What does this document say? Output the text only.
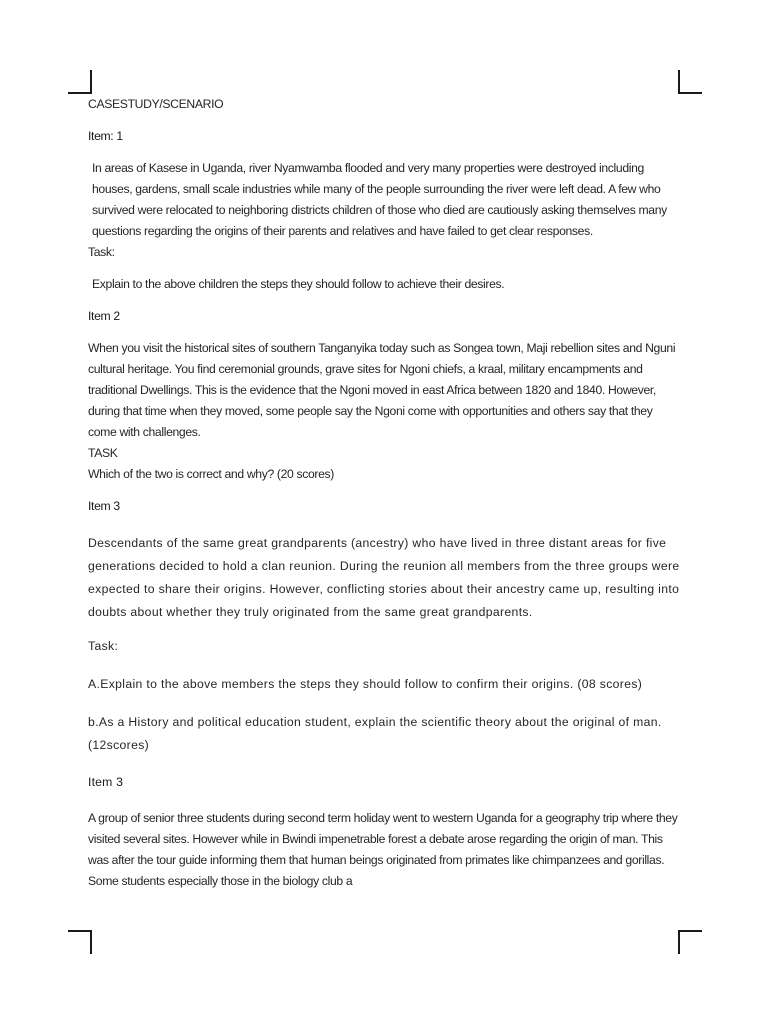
CASESTUDY/SCENARIO

Item: 1

In areas of Kasese in Uganda, river Nyamwamba flooded and very many properties were destroyed including houses, gardens, small scale industries while many of the people surrounding the river were left dead. A few who survived were relocated to neighboring districts children of those who died are cautiously asking themselves many questions regarding the origins of their parents and relatives and have failed to get clear responses.

Task:

Explain to the above children the steps they should follow to achieve their desires.

Item 2

When you visit the historical sites of southern Tanganyika today such as Songea town, Maji rebellion sites and Nguni cultural heritage. You find ceremonial grounds, grave sites for Ngoni chiefs, a kraal, military encampments and traditional Dwellings. This is the evidence that the Ngoni moved in east Africa between 1820 and 1840. However, during that time when they moved, some people say the Ngoni come with opportunities and others say that they come with challenges.

TASK

Which of the two is correct and why? (20 scores)

Item 3

Descendants of the same great grandparents (ancestry) who have lived in three distant areas for five generations decided to hold a clan reunion. During the reunion all members from the three groups were expected to share their origins. However, conflicting stories about their ancestry came up, resulting into doubts about whether they truly originated from the same great grandparents.

Task:

A.Explain to the above members the steps they should follow to confirm their origins. (08 scores)

b.As a History and political education student, explain the scientific theory about the original of man. (12scores)

Item 3

A group of senior three students during second term holiday went to western Uganda for a geography trip where they visited several sites. However while in Bwindi impenetrable forest a debate arose regarding the origin of man. This was after the tour guide informing them that human beings originated from primates like chimpanzees and gorillas. Some students especially those in the biology club a
